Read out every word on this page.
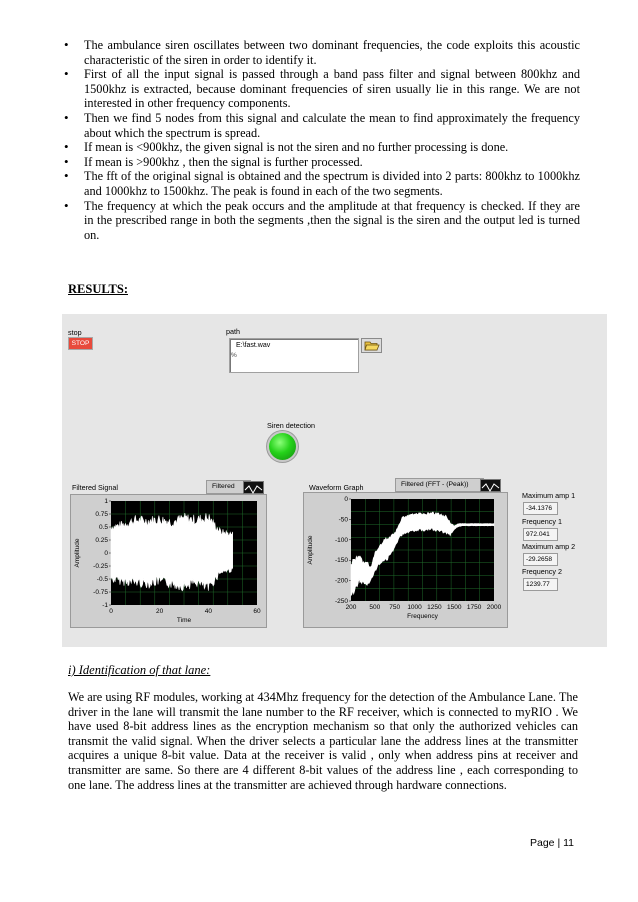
• The ambulance siren oscillates between two dominant frequencies, the code exploits this acoustic characteristic of the siren in order to identify it.
• First of all the input signal is passed through a band pass filter and signal between 800khz and 1500khz is extracted, because dominant frequencies of siren usually lie in this range. We are not interested in other frequency components.
• Then we find 5 nodes from this signal and calculate the mean to find approximately the frequency about which the spectrum is spread.
• If mean is <900khz, the given signal is not the siren and no further processing is done.
• If mean is >900khz , then the signal is further processed.
• The fft of the original signal is obtained and the spectrum is divided into 2 parts: 800khz to 1000khz and 1000khz to 1500khz. The peak is found in each of the two segments.
• The frequency at which the peak occurs and the amplitude at that frequency is checked. If they are in the prescribed range in both the segments ,then the signal is the siren and the output led is turned on.
RESULTS:
stop
STOP
path
E:\fast.wav
%
Siren detection
Filtered Signal	Filtered
0	20	40	60
1
0.75
0.5
0.25
0
-0.25
-0.5
-0.75
-1
Time
Amplitude
Waveform Graph	Filtered (FFT - (Peak))
200 500 750 1000 1250 1500 1750 2000
0
-50
-100
-150
-200
-250
Frequency
Amplitude
Maximum amp 1
-34.1376
Frequency 1
972.041
Maximum amp 2
-29.2658
Frequency 2
1239.77
i) Identification of that lane:
We are using RF modules, working at 434Mhz frequency for the detection of the Ambulance Lane. The driver in the lane will transmit the lane number to the RF receiver, which is connected to myRIO . We have used 8-bit address lines as the encryption mechanism so that only the authorized vehicles can transmit the valid signal. When the driver selects a particular lane the address lines at the transmitter acquires a unique 8-bit value. Data at the receiver is valid , only when address pins at receiver and transmitter are same. So there are 4 different 8-bit values of the address line , each corresponding to one lane. The address lines at the transmitter are achieved through hardware connections.
Page | 11
